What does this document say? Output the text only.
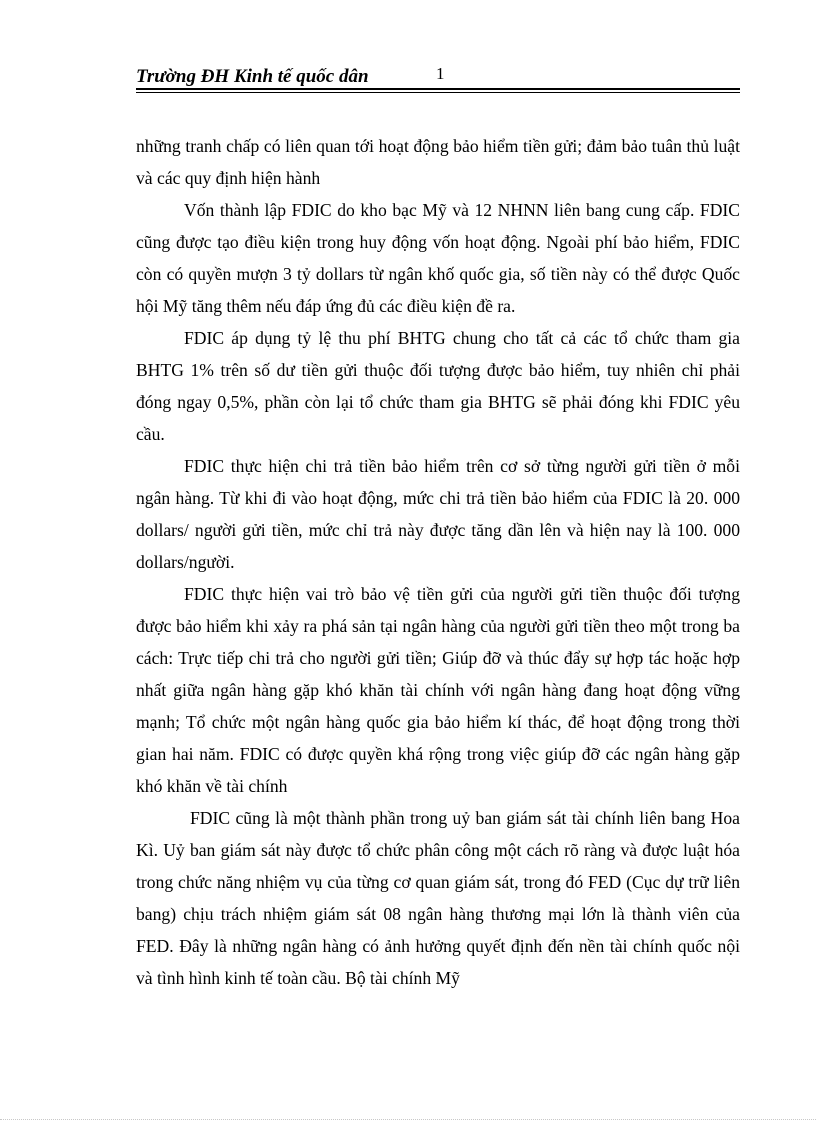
Trường ĐH Kinh tế quốc dân	1

những tranh chấp có liên quan tới hoạt động bảo hiểm tiền gửi; đảm bảo tuân thủ luật và các quy định hiện hành

Vốn thành lập FDIC do kho bạc Mỹ và 12 NHNN liên bang cung cấp. FDIC cũng được tạo điều kiện trong huy động vốn hoạt động. Ngoài phí bảo hiểm, FDIC còn có quyền mượn 3 tỷ dollars từ ngân khố quốc gia, số tiền này có thể được Quốc hội Mỹ tăng thêm nếu đáp ứng đủ các điều kiện đề ra.

FDIC áp dụng tỷ lệ thu phí BHTG chung cho tất cả các tổ chức tham gia BHTG 1% trên số dư tiền gửi thuộc đối tượng được bảo hiểm, tuy nhiên chỉ phải đóng ngay 0,5%, phần còn lại tổ chức tham gia BHTG sẽ phải đóng khi FDIC yêu cầu.

FDIC thực hiện chi trả tiền bảo hiểm trên cơ sở từng người gửi tiền ở mỗi ngân hàng. Từ khi đi vào hoạt động, mức chi trả tiền bảo hiểm của FDIC là 20. 000 dollars/ người gửi tiền, mức chỉ trả này được tăng dần lên và hiện nay là 100. 000 dollars/người.

FDIC thực hiện vai trò bảo vệ tiền gửi của người gửi tiền thuộc đối tượng được bảo hiểm khi xảy ra phá sản tại ngân hàng của người gửi tiền theo một trong ba cách: Trực tiếp chi trả cho người gửi tiền; Giúp đỡ và thúc đẩy sự hợp tác hoặc hợp nhất giữa ngân hàng gặp khó khăn tài chính với ngân hàng đang hoạt động vững mạnh; Tổ chức một ngân hàng quốc gia bảo hiểm kí thác, để hoạt động trong thời gian hai năm. FDIC có được quyền khá rộng trong việc giúp đỡ các ngân hàng gặp khó khăn về tài chính

FDIC cũng là một thành phần trong uỷ ban giám sát tài chính liên bang Hoa Kì. Uỷ ban giám sát này được tổ chức phân công một cách rõ ràng và được luật hóa trong chức năng nhiệm vụ của từng cơ quan giám sát, trong đó FED (Cục dự trữ liên bang) chịu trách nhiệm giám sát 08 ngân hàng thương mại lớn là thành viên của FED. Đây là những ngân hàng có ảnh hưởng quyết định đến nền tài chính quốc nội và tình hình kinh tế toàn cầu. Bộ tài chính Mỹ
